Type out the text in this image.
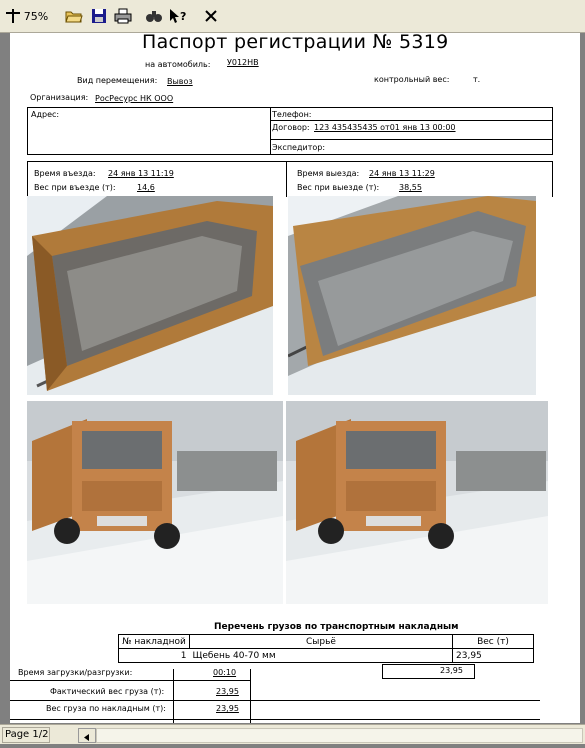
75%	?
Паспорт регистрации № 5319
на автомобиль: У012НВ
Вид перемещения: Вывоз	контрольный вес:	т.
Организация: РосРесурс НК ООО
Адрес:	Телефон:
Договор: 123 435435435 от01 янв 13 00:00
Экспедитор:
Время въезда: 24 янв 13 11:19
Вес при въезде (т):	14,6
Время выезда: 24 янв 13 11:29
Вес при выезде (т): 38,55
Перечень грузов по транспортным накладным
№ накладной	Сырьё	Вес (т)
1	Щебень 40-70 мм	23,95
23,95
Время загрузки/разгрузки:	00:10
Фактический вес груза (т):	23,95
Вес груза по накладным (т):	23,95
Page 1/2
